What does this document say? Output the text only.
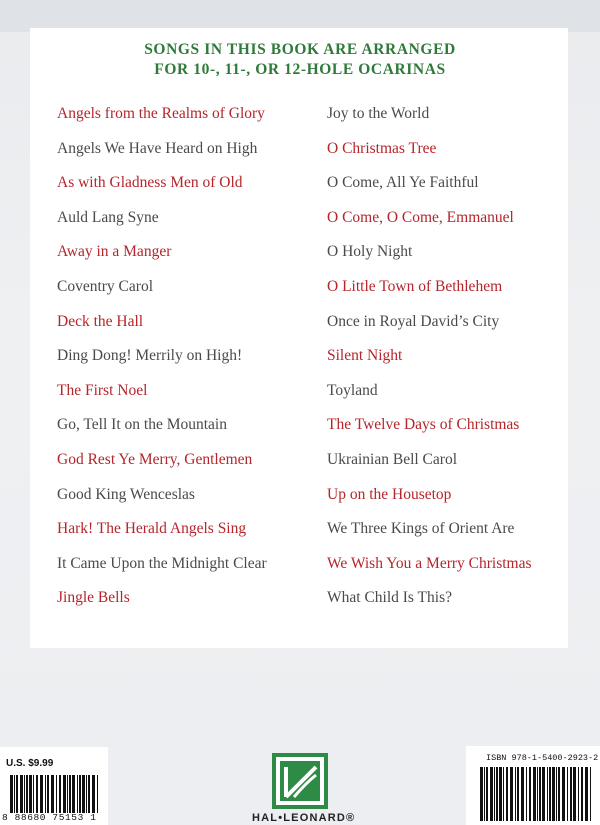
SONGS IN THIS BOOK ARE ARRANGED
FOR 10-, 11-, OR 12-HOLE OCARINAS
Angels from the Realms of Glory
Angels We Have Heard on High
As with Gladness Men of Old
Auld Lang Syne
Away in a Manger
Coventry Carol
Deck the Hall
Ding Dong! Merrily on High!
The First Noel
Go, Tell It on the Mountain
God Rest Ye Merry, Gentlemen
Good King Wenceslas
Hark! The Herald Angels Sing
It Came Upon the Midnight Clear
Jingle Bells
Joy to the World
O Christmas Tree
O Come, All Ye Faithful
O Come, O Come, Emmanuel
O Holy Night
O Little Town of Bethlehem
Once in Royal David’s City
Silent Night
Toyland
The Twelve Days of Christmas
Ukrainian Bell Carol
Up on the Housetop
We Three Kings of Orient Are
We Wish You a Merry Christmas
What Child Is This?
U.S. $9.99
8 88680 75153 1	HAL•LEONARD®
ISBN 978-1-5400-2923-2
